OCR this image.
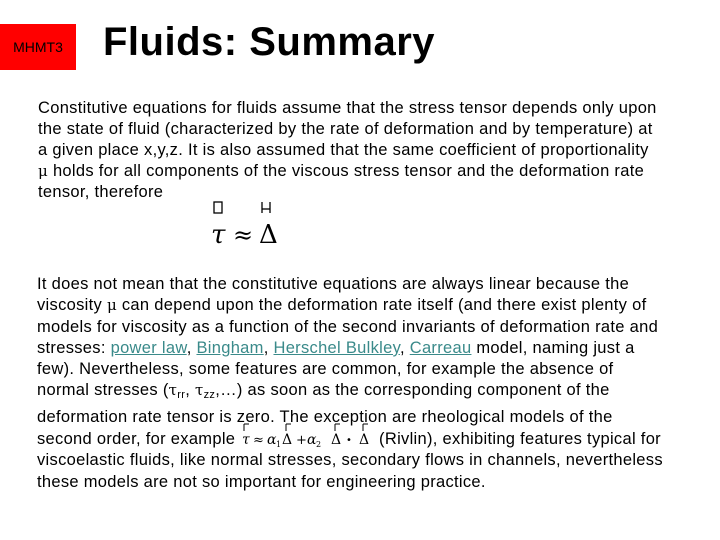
MHMT3	Fluids: Summary
Constitutive equations for fluids assume that the stress tensor depends only upon
the state of fluid (characterized by the rate of deformation and by temperature) at
a given place x,y,z. It is also assumed that the same coefficient of proportionality
μ holds for all components of the viscous stress tensor and the deformation rate
tensor, therefore
τ ≈ Δ
It does not mean that the constitutive equations are always linear because the
viscosity μ can depend upon the deformation rate itself (and there exist plenty of
models for viscosity as a function of the second invariants of deformation rate and
stresses: power law, Bingham, Herschel Bulkley, Carreau model, naming just a
few). Nevertheless, some features are common, for example the absence of
normal stresses ($\tau_{rr}$, $\tau_{zz},\dots$) as soon as the corresponding component of the
deformation rate tensor is zero. The exception are rheological models of the
second order, for example τ ≈ α 1 Δ + α 2 Δ • Δ (Rivlin), exhibiting features typical for
viscoelastic fluids, like normal stresses, secondary flows in channels, nevertheless
these models are not so important for engineering practice.
